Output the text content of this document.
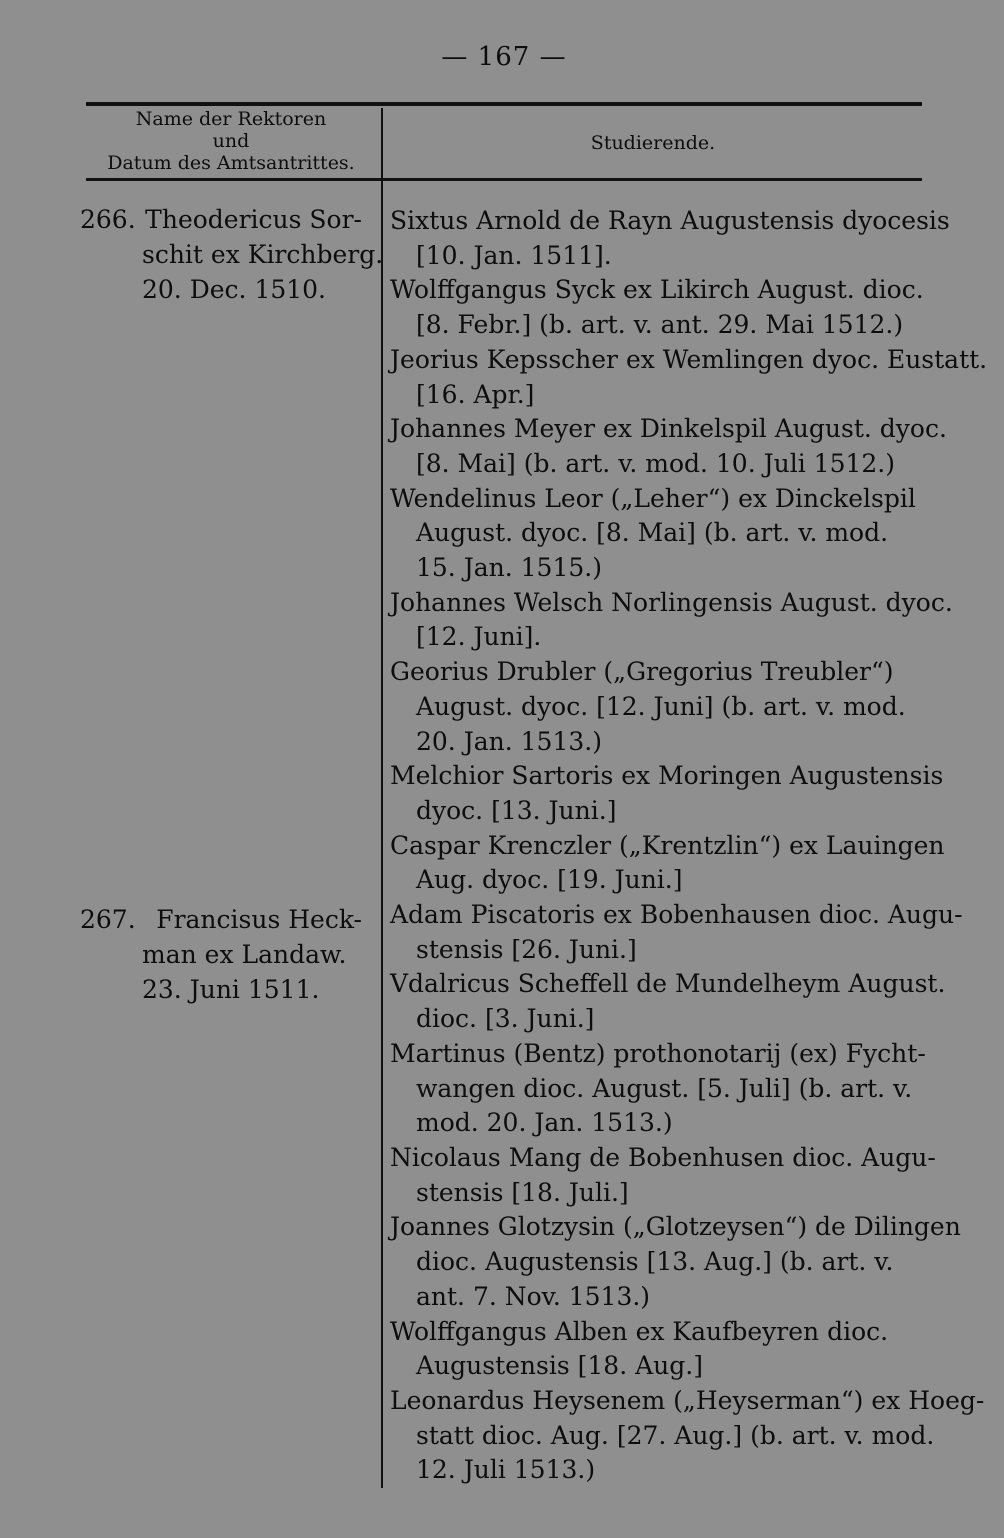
— 167 —
Name der Rektoren
und
Datum des Amtsantrittes.
Studierende.
266. Theodericus Sor-
schit ex Kirchberg.
20. Dec. 1510.
267. Francisus Heck-
man ex Landaw.
23. Juni 1511.
Sixtus Arnold de Rayn Augustensis dyocesis
[10. Jan. 1511].
Wolffgangus Syck ex Likirch August. dioc.
[8. Febr.] (b. art. v. ant. 29. Mai 1512.)
Jeorius Kepsscher ex Wemlingen dyoc. Eustatt.
[16. Apr.]
Johannes Meyer ex Dinkelspil August. dyoc.
[8. Mai] (b. art. v. mod. 10. Juli 1512.)
Wendelinus Leor („Leher“) ex Dinckelspil
August. dyoc. [8. Mai] (b. art. v. mod.
15. Jan. 1515.)
Johannes Welsch Norlingensis August. dyoc.
[12. Juni].
Georius Drubler („Gregorius Treubler“)
August. dyoc. [12. Juni] (b. art. v. mod.
20. Jan. 1513.)
Melchior Sartoris ex Moringen Augustensis
dyoc. [13. Juni.]
Caspar Krenczler („Krentzlin“) ex Lauingen
Aug. dyoc. [19. Juni.]
Adam Piscatoris ex Bobenhausen dioc. Augu-
stensis [26. Juni.]
Vdalricus Scheffell de Mundelheym August.
dioc. [3. Juni.]
Martinus (Bentz) prothonotarij (ex) Fycht-
wangen dioc. August. [5. Juli] (b. art. v.
mod. 20. Jan. 1513.)
Nicolaus Mang de Bobenhusen dioc. Augu-
stensis [18. Juli.]
Joannes Glotzysin („Glotzeysen“) de Dilingen
dioc. Augustensis [13. Aug.] (b. art. v.
ant. 7. Nov. 1513.)
Wolffgangus Alben ex Kaufbeyren dioc.
Augustensis [18. Aug.]
Leonardus Heysenem („Heyserman“) ex Hoeg-
statt dioc. Aug. [27. Aug.] (b. art. v. mod.
12. Juli 1513.)
